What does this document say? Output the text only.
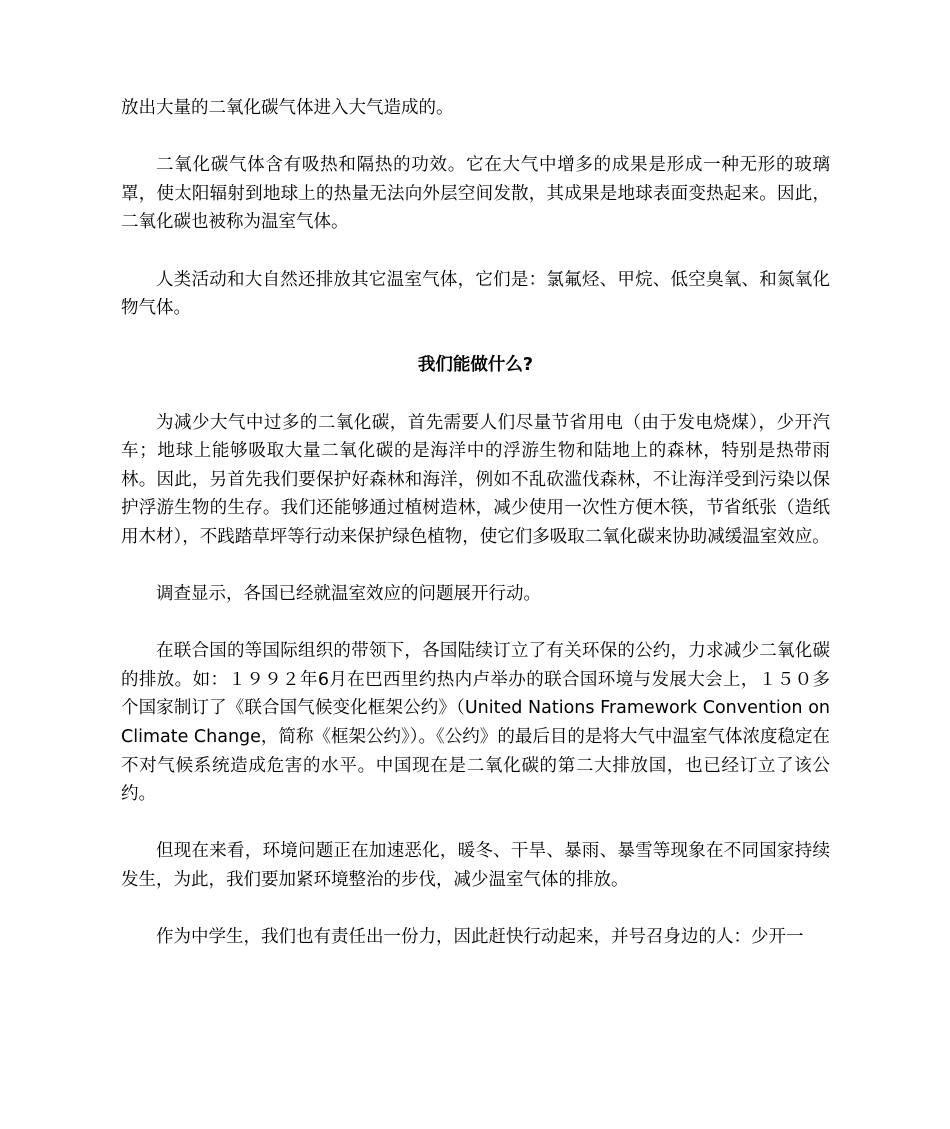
放出大量的二氧化碳气体进入大气造成的。

二氧化碳气体含有吸热和隔热的功效。它在大气中增多的成果是形成一种无形的玻璃罩，使太阳辐射到地球上的热量无法向外层空间发散，其成果是地球表面变热起来。因此，二氧化碳也被称为温室气体。

人类活动和大自然还排放其它温室气体，它们是：氯氟烃、甲烷、低空臭氧、和氮氧化物气体。

我们能做什么?

为减少大气中过多的二氧化碳，首先需要人们尽量节省用电（由于发电烧煤），少开汽车；地球上能够吸取大量二氧化碳的是海洋中的浮游生物和陆地上的森林，特别是热带雨林。因此，另首先我们要保护好森林和海洋，例如不乱砍滥伐森林，不让海洋受到污染以保护浮游生物的生存。我们还能够通过植树造林，减少使用一次性方便木筷，节省纸张（造纸用木材），不践踏草坪等行动来保护绿色植物，使它们多吸取二氧化碳来协助减缓温室效应。

调查显示，各国已经就温室效应的问题展开行动。

在联合国的等国际组织的带领下，各国陆续订立了有关环保的公约，力求减少二氧化碳的排放。如：１９９２年6月在巴西里约热内卢举办的联合国环境与发展大会上，１５０多个国家制订了《联合国气候变化框架公约》（United Nations Framework Convention on Climate Change，简称《框架公约》）。《公约》的最后目的是将大气中温室气体浓度稳定在不对气候系统造成危害的水平。中国现在是二氧化碳的第二大排放国，也已经订立了该公约。

但现在来看，环境问题正在加速恶化，暖冬、干旱、暴雨、暴雪等现象在不同国家持续发生，为此，我们要加紧环境整治的步伐，减少温室气体的排放。

作为中学生，我们也有责任出一份力，因此赶快行动起来，并号召身边的人：少开一
